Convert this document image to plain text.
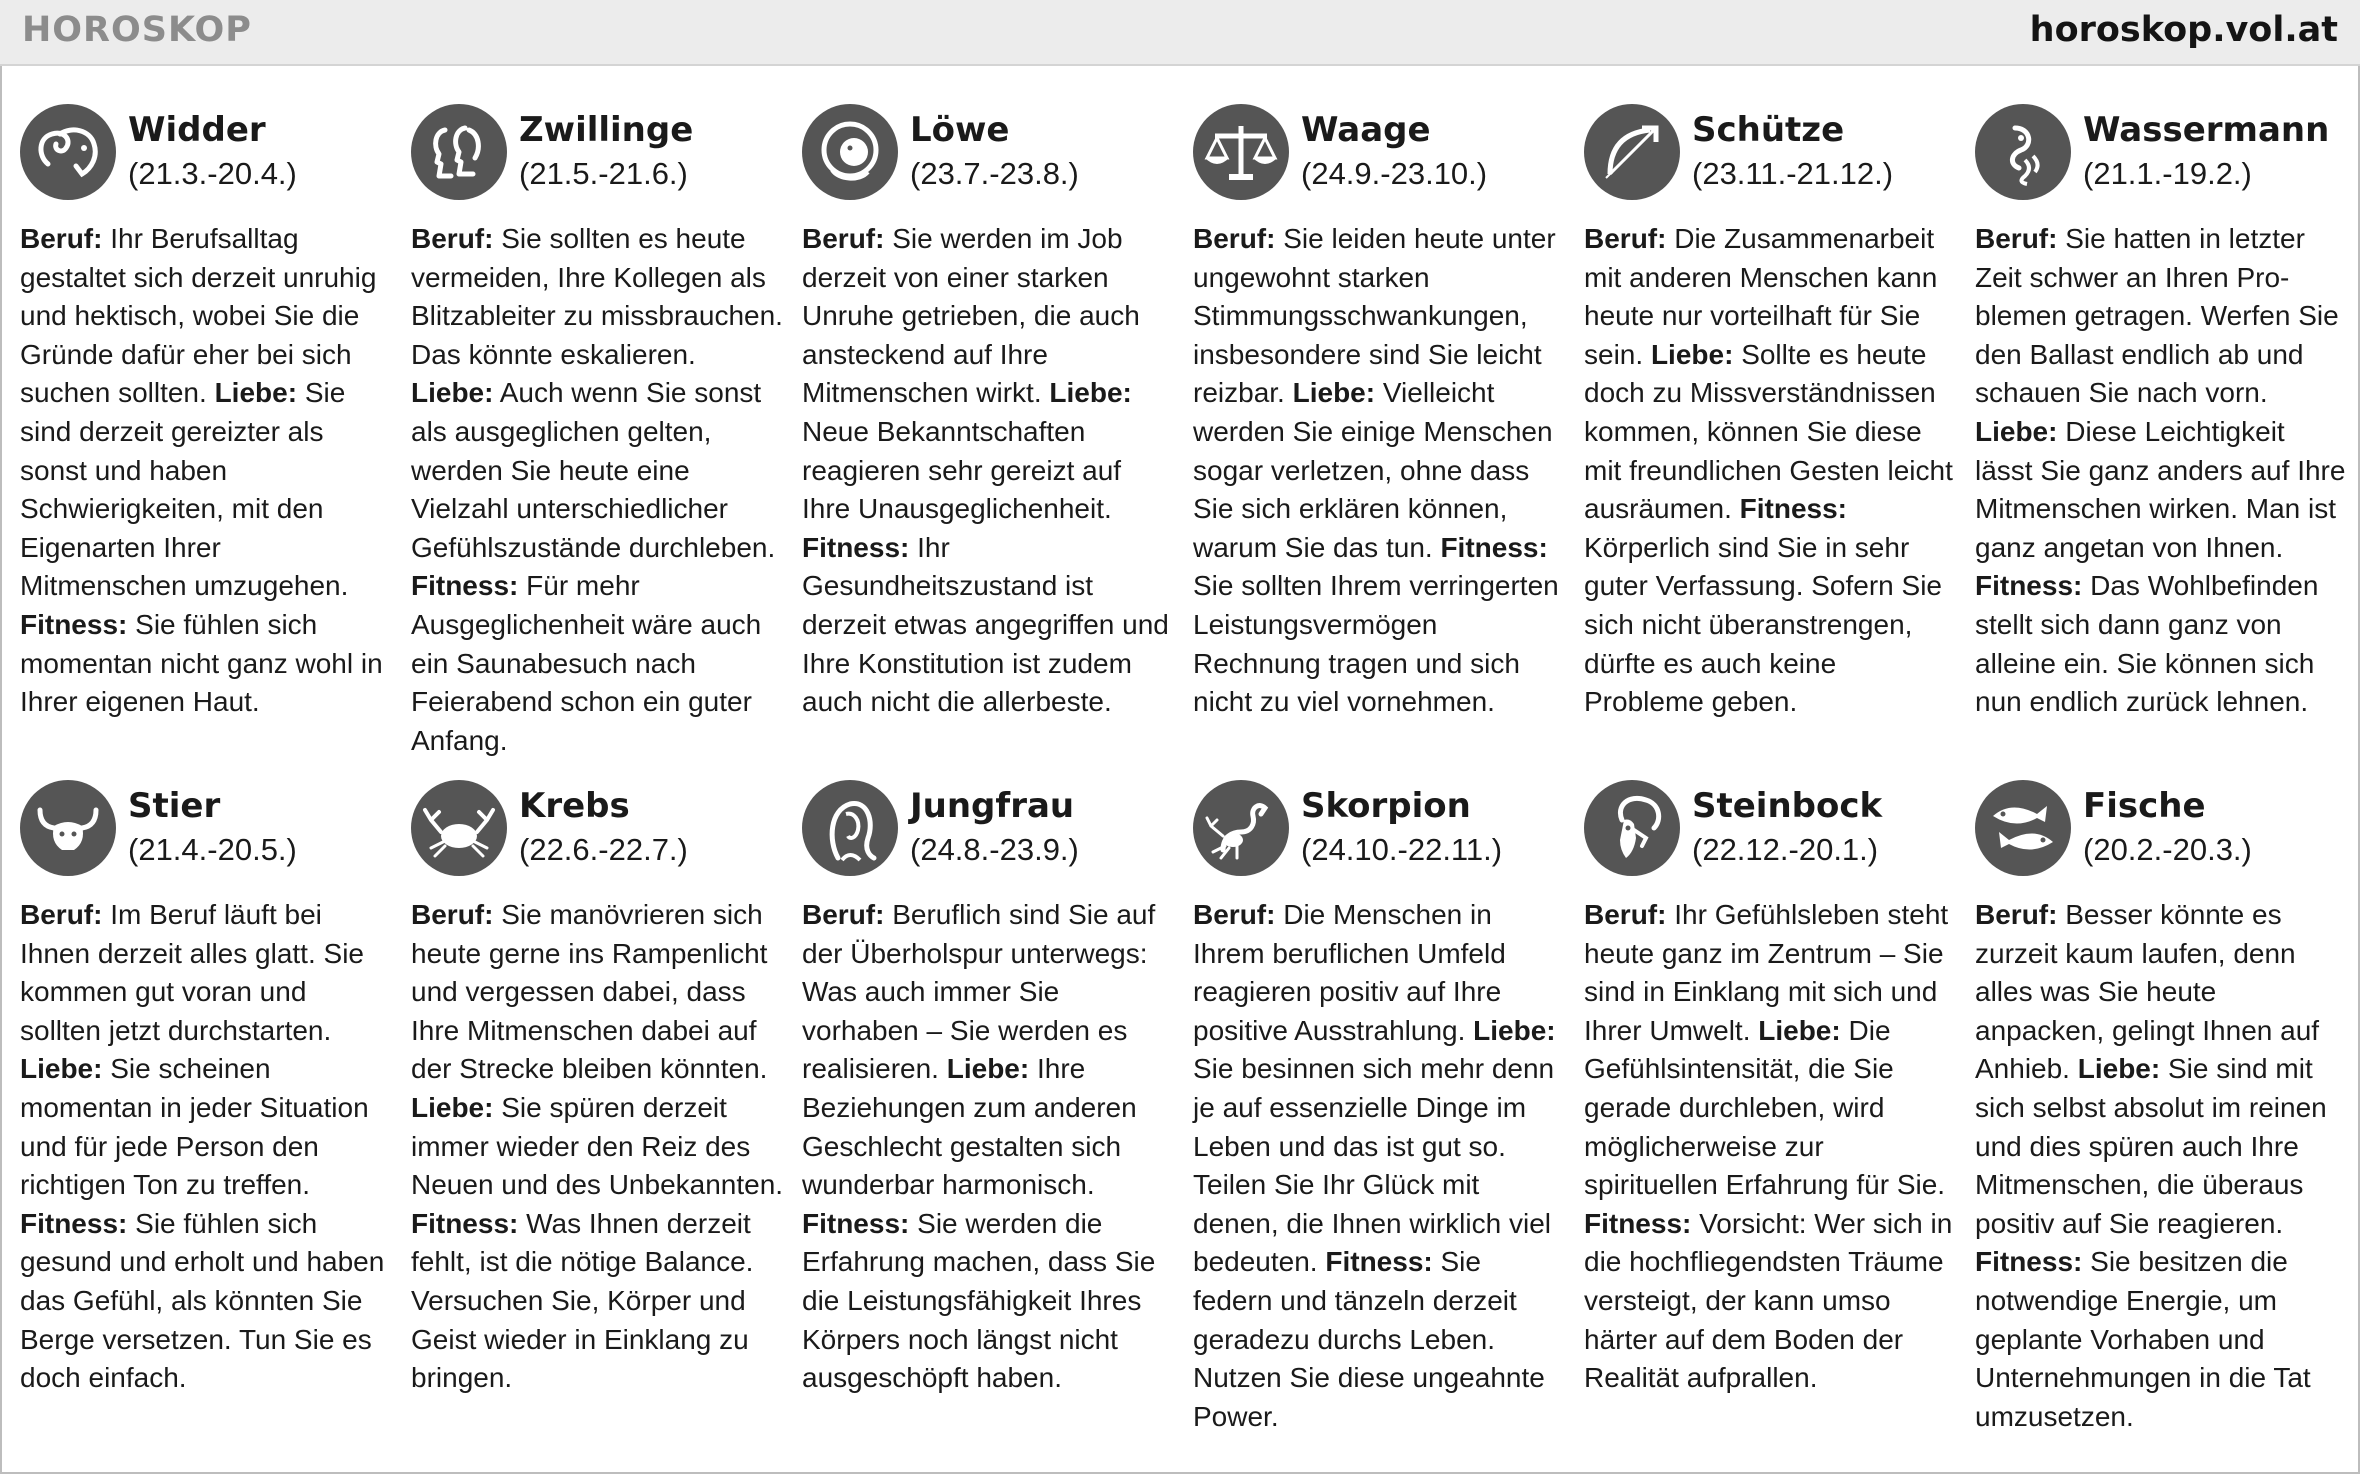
HOROSKOP	horoskop.vol.at
Widder
(21.3.-20.4.)
Beruf: Ihr Berufsalltag gestaltet sich derzeit unruhig und hektisch, wobei Sie die Gründe dafür eher bei sich suchen sollten. Liebe: Sie sind derzeit gereizter als sonst und haben Schwierigkeiten, mit den Eigenarten Ihrer Mitmenschen umzugehen. Fitness: Sie fühlen sich momentan nicht ganz wohl in Ihrer eigenen Haut.
Zwillinge
(21.5.-21.6.)
Beruf: Sie sollten es heute vermeiden, Ihre Kollegen als Blitzableiter zu missbrauchen. Das könnte eskalieren. Liebe: Auch wenn Sie sonst als ausgeglichen gelten, werden Sie heute eine Vielzahl unterschiedlicher Gefühlszustände durchleben. Fitness: Für mehr Ausgeglichenheit wäre auch ein Saunabesuch nach Feierabend schon ein guter Anfang.
Löwe
(23.7.-23.8.)
Beruf: Sie werden im Job derzeit von einer starken Unruhe getrieben, die auch ansteckend auf Ihre Mitmenschen wirkt. Liebe: Neue Bekanntschaften reagieren sehr gereizt auf Ihre Unausgeglichenheit. Fitness: Ihr Gesundheitszustand ist derzeit etwas angegriffen und Ihre Konstitution ist zudem auch nicht die allerbeste.
Waage
(24.9.-23.10.)
Beruf: Sie leiden heute unter ungewohnt starken Stimmungsschwankungen, insbesondere sind Sie leicht reizbar. Liebe: Vielleicht werden Sie einige Menschen sogar verletzen, ohne dass Sie sich erklären können, warum Sie das tun. Fitness: Sie sollten Ihrem verringerten Leistungsvermögen Rechnung tragen und sich nicht zu viel vornehmen.
Schütze
(23.11.-21.12.)
Beruf: Die Zusammenarbeit mit anderen Menschen kann heute nur vorteilhaft für Sie sein. Liebe: Sollte es heute doch zu Missverständnissen kommen, können Sie diese mit freundlichen Gesten leicht ausräumen. Fitness: Körperlich sind Sie in sehr guter Verfassung. Sofern Sie sich nicht überanstrengen, dürfte es auch keine Probleme geben.
Wassermann
(21.1.-19.2.)
Beruf: Sie hatten in letzter Zeit schwer an Ihren Problemen getragen. Werfen Sie den Ballast endlich ab und schauen Sie nach vorn. Liebe: Diese Leichtigkeit lässt Sie ganz anders auf Ihre Mitmenschen wirken. Man ist ganz angetan von Ihnen. Fitness: Das Wohlbefinden stellt sich dann ganz von alleine ein. Sie können sich nun endlich zurück lehnen.
Stier
(21.4.-20.5.)
Beruf: Im Beruf läuft bei Ihnen derzeit alles glatt. Sie kommen gut voran und sollten jetzt durchstarten. Liebe: Sie scheinen momentan in jeder Situation und für jede Person den richtigen Ton zu treffen. Fitness: Sie fühlen sich gesund und erholt und haben das Gefühl, als könnten Sie Berge versetzen. Tun Sie es doch einfach.
Krebs
(22.6.-22.7.)
Beruf: Sie manövrieren sich heute gerne ins Rampenlicht und vergessen dabei, dass Ihre Mitmenschen dabei auf der Strecke bleiben könnten. Liebe: Sie spüren derzeit immer wieder den Reiz des Neuen und des Unbekannten. Fitness: Was Ihnen derzeit fehlt, ist die nötige Balance. Versuchen Sie, Körper und Geist wieder in Einklang zu bringen.
Jungfrau
(24.8.-23.9.)
Beruf: Beruflich sind Sie auf der Überholspur unterwegs: Was auch immer Sie vorhaben – Sie werden es realisieren. Liebe: Ihre Beziehungen zum anderen Geschlecht gestalten sich wunderbar harmonisch. Fitness: Sie werden die Erfahrung machen, dass Sie die Leistungsfähigkeit Ihres Körpers noch längst nicht ausgeschöpft haben.
Skorpion
(24.10.-22.11.)
Beruf: Die Menschen in Ihrem beruflichen Umfeld reagieren positiv auf Ihre positive Ausstrahlung. Liebe: Sie besinnen sich mehr denn je auf essenzielle Dinge im Leben und das ist gut so. Teilen Sie Ihr Glück mit denen, die Ihnen wirklich viel bedeuten. Fitness: Sie federn und tänzeln derzeit geradezu durchs Leben. Nutzen Sie diese ungeahnte Power.
Steinbock
(22.12.-20.1.)
Beruf: Ihr Gefühlsleben steht heute ganz im Zentrum – Sie sind in Einklang mit sich und Ihrer Umwelt. Liebe: Die Gefühlsintensität, die Sie gerade durchleben, wird möglicherweise zur spirituellen Erfahrung für Sie. Fitness: Vorsicht: Wer sich in die hochfliegendsten Träume versteigt, der kann umso härter auf dem Boden der Realität aufprallen.
Fische
(20.2.-20.3.)
Beruf: Besser könnte es zurzeit kaum laufen, denn alles was Sie heute anpacken, gelingt Ihnen auf Anhieb. Liebe: Sie sind mit sich selbst absolut im reinen und dies spüren auch Ihre Mitmenschen, die überaus positiv auf Sie reagieren. Fitness: Sie besitzen die notwendige Energie, um geplante Vorhaben und Unternehmungen in die Tat umzusetzen.
